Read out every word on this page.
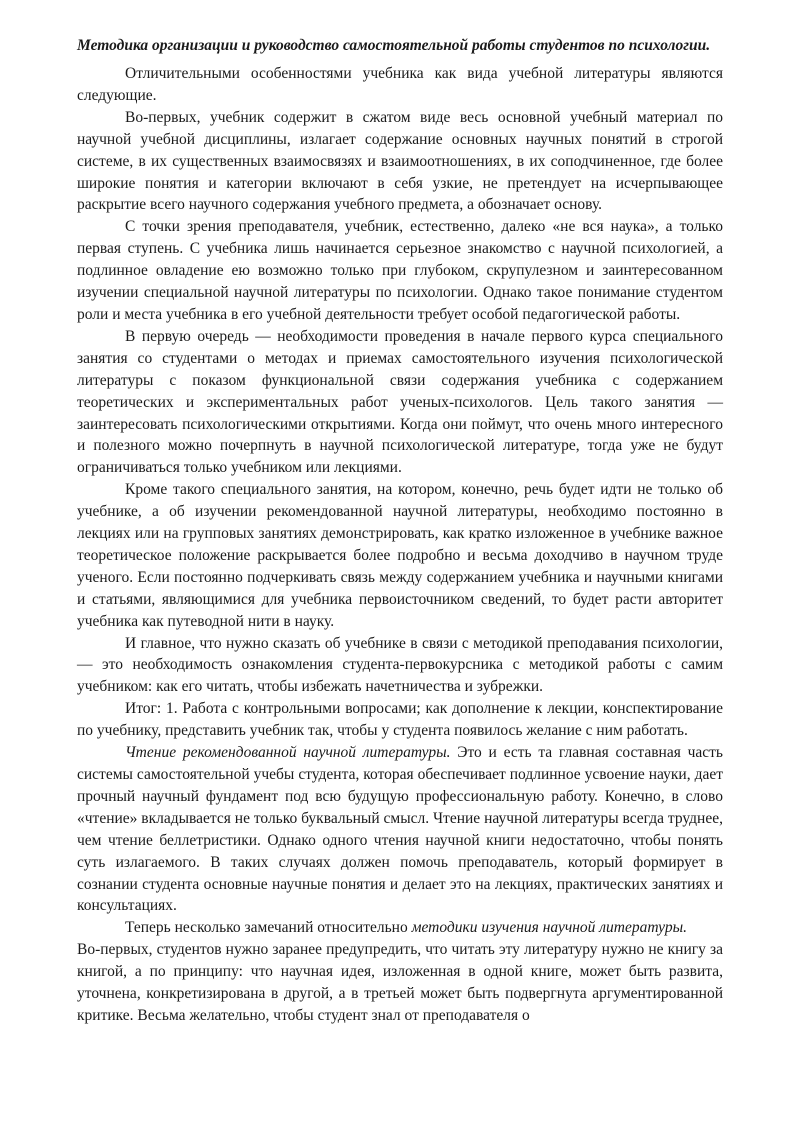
Методика организации и руководство самостоятельной работы студентов по психологии.

Отличительными особенностями учебника как вида учебной литературы являются следующие.

Во-первых, учебник содержит в сжатом виде весь основной учебный материал по научной учебной дисциплины, излагает содержание основных научных понятий в строгой системе, в их существенных взаимосвязях и взаимоотношениях, в их соподчиненное, где более широкие понятия и категории включают в себя узкие, не претендует на исчерпывающее раскрытие всего научного содержания учебного предмета, а обозначает основу.

С точки зрения преподавателя, учебник, естественно, далеко «не вся наука», а только первая ступень. С учебника лишь начинается серьезное знакомство с научной психологией, а подлинное овладение ею возможно только при глубоком, скрупулезном и заинтересованном изучении специальной научной литературы по психологии. Однако такое понимание студентом роли и места учебника в его учебной деятельности требует особой педагогической работы.

В первую очередь — необходимости проведения в начале первого курса специального занятия со студентами о методах и приемах самостоятельного изучения психологической литературы с показом функциональной связи содержания учебника с содержанием теоретических и экспериментальных работ ученых-психологов. Цель такого занятия — заинтересовать психологическими открытиями. Когда они поймут, что очень много интересного и полезного можно почерпнуть в научной психологической литературе, тогда уже не будут ограничиваться только учебником или лекциями.

Кроме такого специального занятия, на котором, конечно, речь будет идти не только об учебнике, а об изучении рекомендованной научной литературы, необходимо постоянно в лекциях или на групповых занятиях демонстрировать, как кратко изложенное в учебнике важное теоретическое положение раскрывается более подробно и весьма доходчиво в научном труде ученого. Если постоянно подчеркивать связь между содержанием учебника и научными книгами и статьями, являющимися для учебника первоисточником сведений, то будет расти авторитет учебника как путеводной нити в науку.

И главное, что нужно сказать об учебнике в связи с методикой преподавания психологии, — это необходимость ознакомления студента-первокурсника с методикой работы с самим учебником: как его читать, чтобы избежать начетничества и зубрежки.

Итог: 1. Работа с контрольными вопросами; как дополнение к лекции, конспектирование по учебнику, представить учебник так, чтобы у студента появилось желание с ним работать.

Чтение рекомендованной научной литературы. Это и есть та главная составная часть системы самостоятельной учебы студента, которая обеспечивает подлинное усвоение науки, дает прочный научный фундамент под всю будущую профессиональную работу. Конечно, в слово «чтение» вкладывается не только буквальный смысл. Чтение научной литературы всегда труднее, чем чтение беллетристики. Однако одного чтения научной книги недостаточно, чтобы понять суть излагаемого. В таких случаях должен помочь преподаватель, который формирует в сознании студента основные научные понятия и делает это на лекциях, практических занятиях и консультациях.

Теперь несколько замечаний относительно методики изучения научной литературы.

Во-первых, студентов нужно заранее предупредить, что читать эту литературу нужно не книгу за книгой, а по принципу: что научная идея, изложенная в одной книге, может быть развита, уточнена, конкретизирована в другой, а в третьей может быть подвергнута аргументированной критике. Весьма желательно, чтобы студент знал от преподавателя о
